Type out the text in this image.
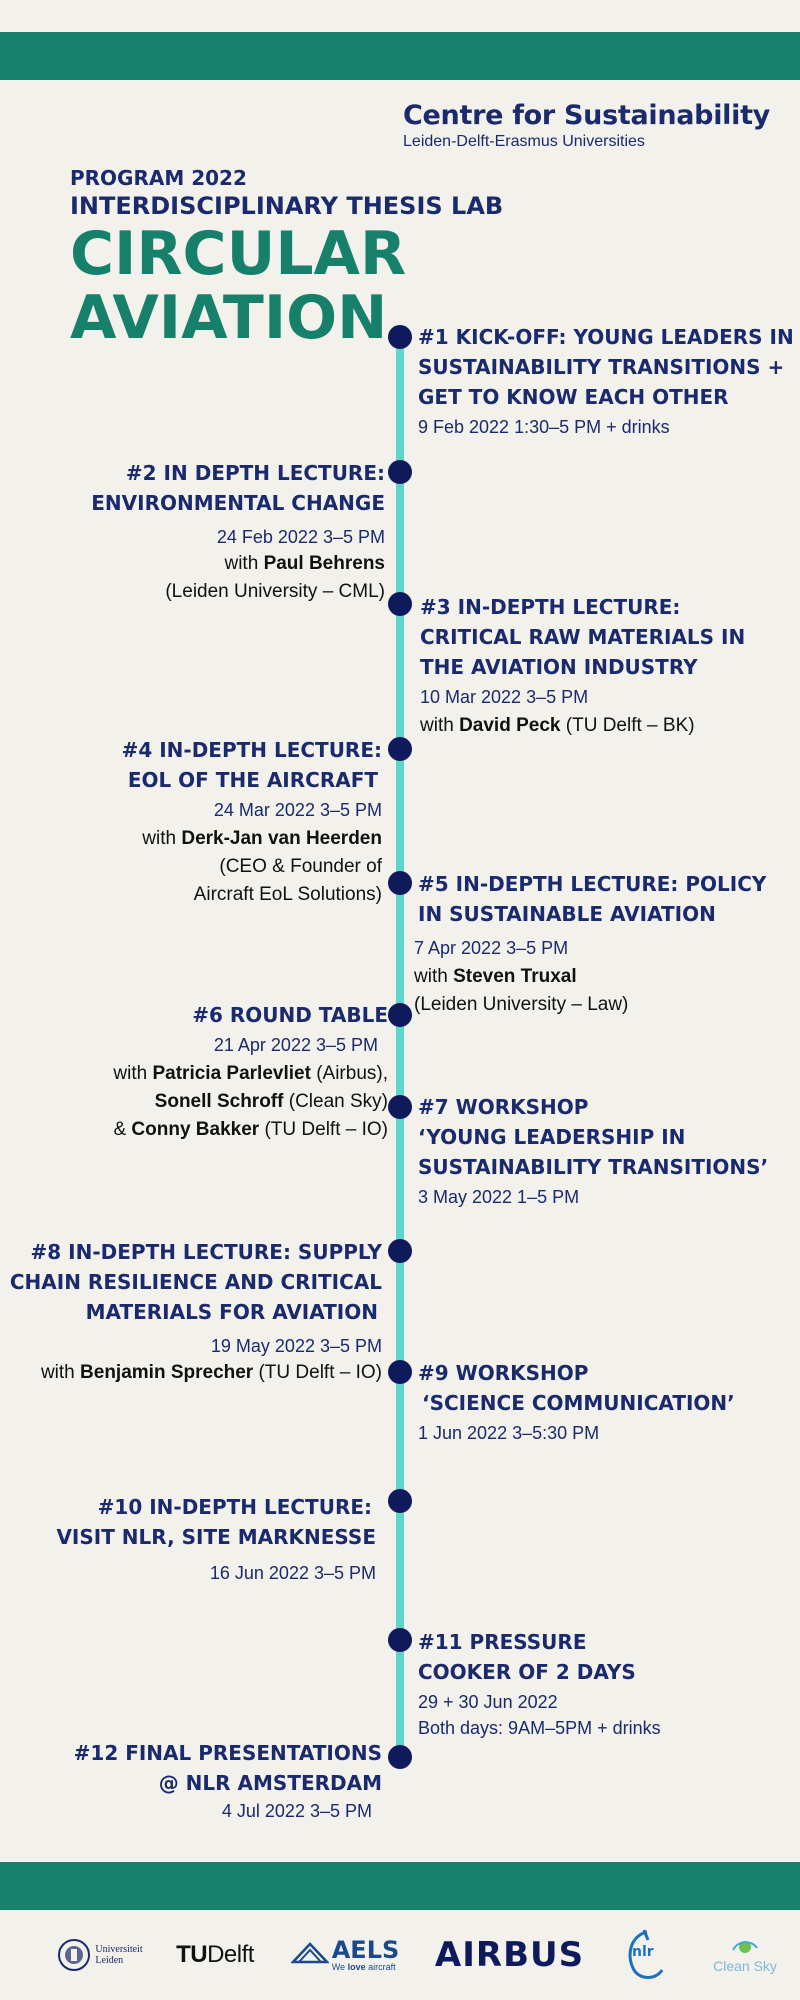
Centre for Sustainability
Leiden-Delft-Erasmus Universities
PROGRAM 2022
INTERDISCIPLINARY THESIS LAB
CIRCULAR
AVIATION	#1 KICK-OFF: YOUNG LEADERS IN
SUSTAINABILITY TRANSITIONS +
GET TO KNOW EACH OTHER
9 Feb 2022 1:30–5 PM + drinks
#2 IN DEPTH LECTURE:
ENVIRONMENTAL CHANGE
24 Feb 2022 3–5 PM
with Paul Behrens
(Leiden University – CML)
#3 IN-DEPTH LECTURE:
CRITICAL RAW MATERIALS IN
THE AVIATION INDUSTRY
10 Mar 2022 3–5 PM
with David Peck (TU Delft – BK)
#4 IN-DEPTH LECTURE:
EOL OF THE AIRCRAFT
24 Mar 2022 3–5 PM
with Derk-Jan van Heerden
(CEO & Founder of
Aircraft EoL Solutions) #5 IN-DEPTH LECTURE: POLICY
IN SUSTAINABLE AVIATION
7 Apr 2022 3–5 PM
with Steven Truxal
(Leiden University – Law)
#6 ROUND TABLE
21 Apr 2022 3–5 PM
with Patricia Parlevliet (Airbus),
Sonell Schroff (Clean Sky)
& Conny Bakker (TU Delft – IO)
#7 WORKSHOP
‘YOUNG LEADERSHIP IN
SUSTAINABILITY TRANSITIONS’
3 May 2022 1–5 PM
#8 IN-DEPTH LECTURE: SUPPLY
CHAIN RESILIENCE AND CRITICAL
MATERIALS FOR AVIATION
19 May 2022 3–5 PM
with Benjamin Sprecher (TU Delft – IO) #9 WORKSHOP
‘SCIENCE COMMUNICATION’
1 Jun 2022 3–5:30 PM
#10 IN-DEPTH LECTURE:
VISIT NLR, SITE MARKNESSE
16 Jun 2022 3–5 PM
#11 PRESSURE
COOKER OF 2 DAYS
29 + 30 Jun 2022
Both days: 9AM–5PM + drinks
#12 FINAL PRESENTATIONS
@ NLR AMSTERDAM
4 Jul 2022 3–5 PM
Universiteit
Leiden	TUDelft	AELS
We love aircraft AIRBUS	nlr
Clean Sky
